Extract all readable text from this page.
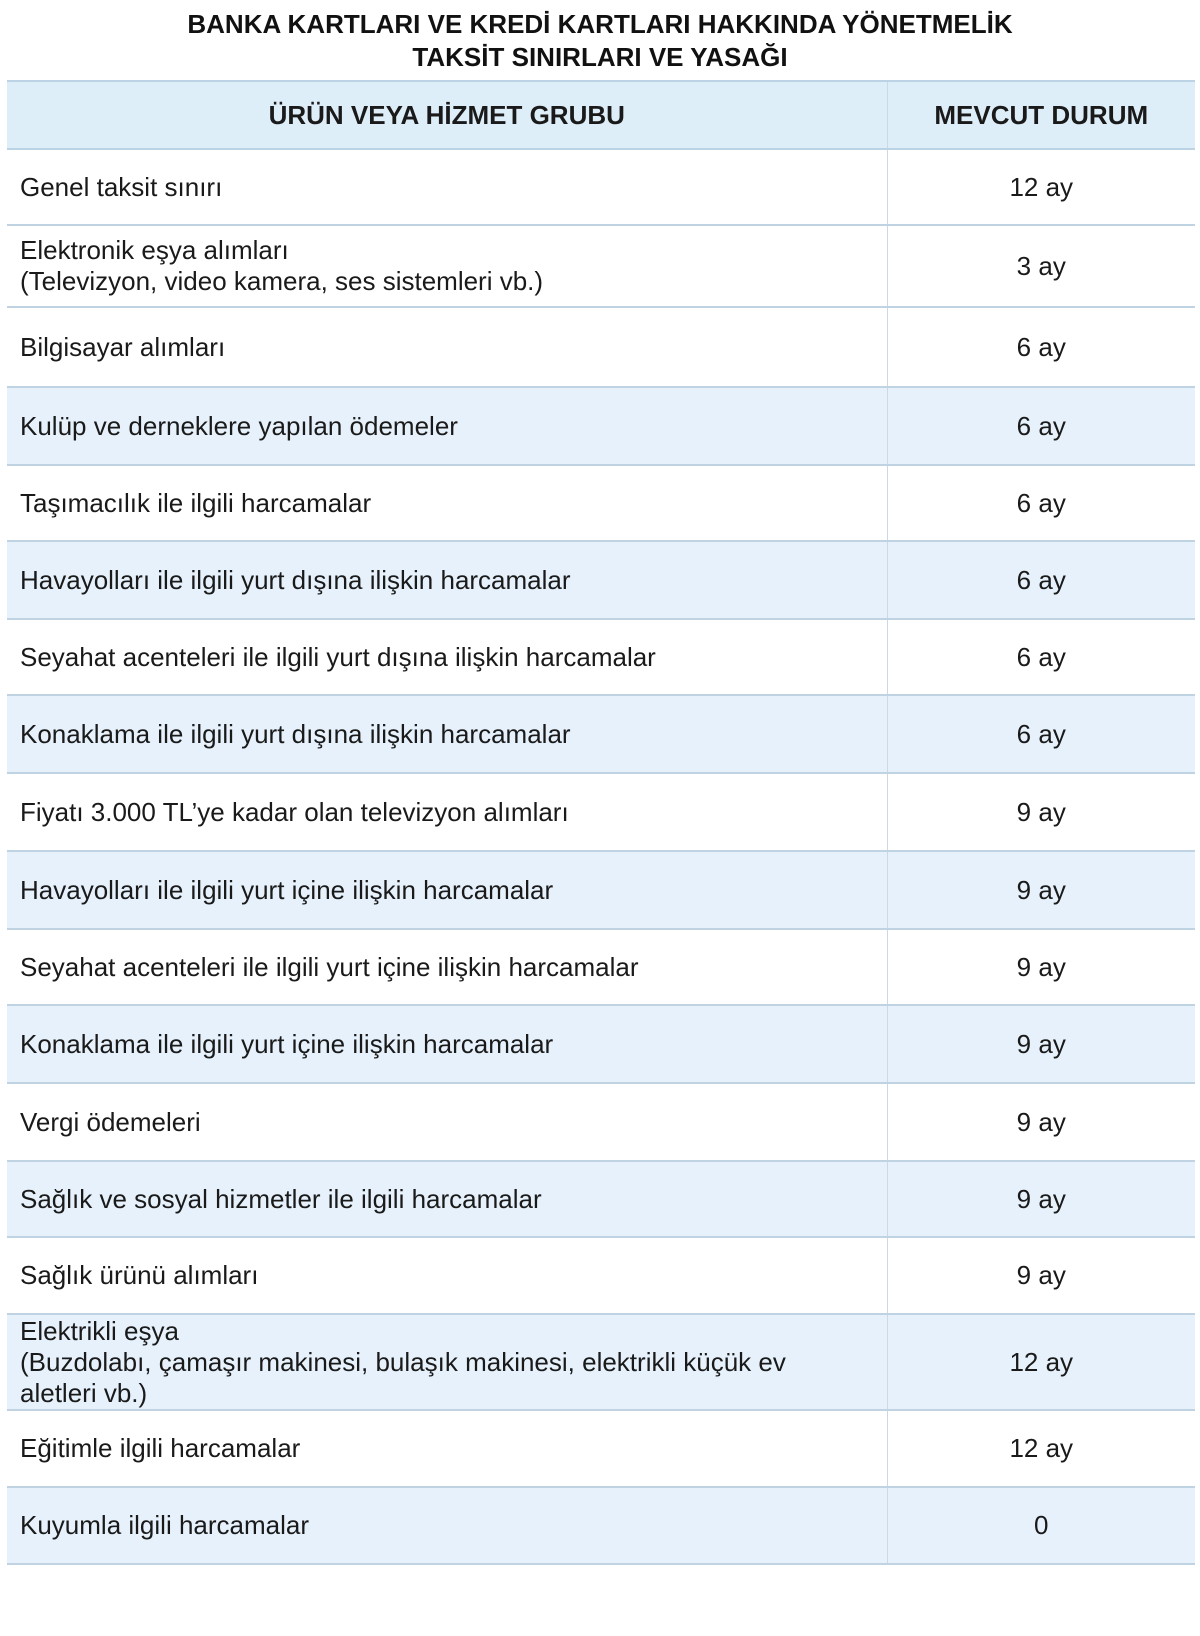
BANKA KARTLARI VE KREDİ KARTLARI HAKKINDA YÖNETMELİK
TAKSİT SINIRLARI VE YASAĞI
ÜRÜN VEYA HİZMET GRUBU	MEVCUT DURUM

Genel taksit sınırı	12 ay

Elektronik eşya alımları
(Televizyon, video kamera, ses sistemleri vb.)	3 ay

Bilgisayar alımları	6 ay

Kulüp ve derneklere yapılan ödemeler	6 ay

Taşımacılık ile ilgili harcamalar	6 ay

Havayolları ile ilgili yurt dışına ilişkin harcamalar	6 ay

Seyahat acenteleri ile ilgili yurt dışına ilişkin harcamalar	6 ay

Konaklama ile ilgili yurt dışına ilişkin harcamalar	6 ay

Fiyatı 3.000 TL’ye kadar olan televizyon alımları	9 ay

Havayolları ile ilgili yurt içine ilişkin harcamalar	9 ay

Seyahat acenteleri ile ilgili yurt içine ilişkin harcamalar	9 ay

Konaklama ile ilgili yurt içine ilişkin harcamalar	9 ay

Vergi ödemeleri	9 ay

Sağlık ve sosyal hizmetler ile ilgili harcamalar	9 ay

Sağlık ürünü alımları	9 ay

Elektrikli eşya
(Buzdolabı, çamaşır makinesi, bulaşık makinesi, elektrikli küçük ev
aletleri vb.)	12 ay

Eğitimle ilgili harcamalar	12 ay

Kuyumla ilgili harcamalar	0
